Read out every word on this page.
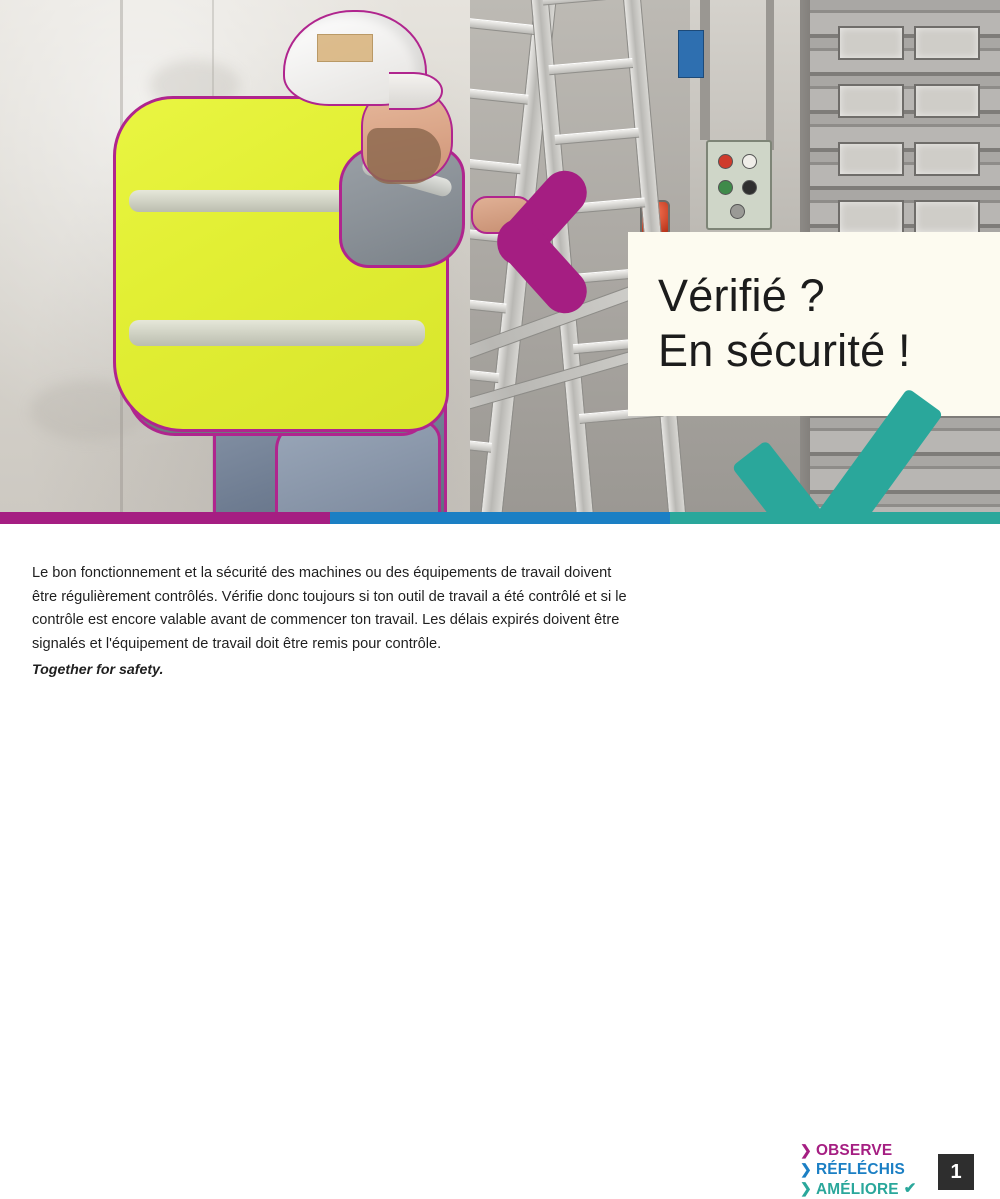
Vérifié ?
En sécurité !
Le bon fonctionnement et la sécurité des machines ou des équipements de travail doivent être régulièrement contrôlés. Vérifie donc toujours si ton outil de travail a été contrôlé et si le contrôle est encore valable avant de commencer ton travail. Les délais expirés doivent être signalés et l'équipement de travail doit être remis pour contrôle.
Together for safety.
❯ OBSERVE
❯ RÉFLÉCHIS
❯ AMÉLIORE ✔
1
